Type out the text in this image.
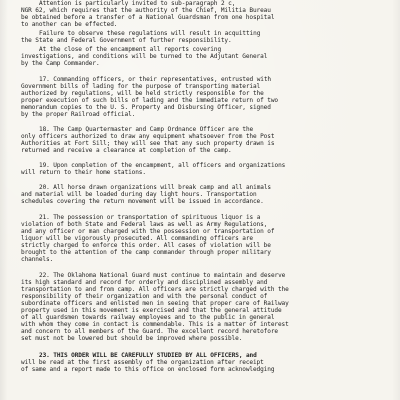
Attention is particularly invited to sub-paragraph 2 c,
NGR 62, which requires that the authority of the Chief, Militia Bureau
be obtained before a transfer of a National Guardsman from one hospital
to another can be effected.
Failure to observe these regulations will result in acquitting
the State and Federal Government of further responsibility.
At the close of the encampment all reports covering
investigations, and conditions will be turned to the Adjutant General
by the Camp Commander.
17. Commanding officers, or their representatives, entrusted with
Government bills of lading for the purpose of transporting material
authorized by regulations, will be held strictly responsible for the
proper execution of such bills of lading and the immediate return of two
memorandum copies to the U. S. Property and Disbursing Officer, signed
by the proper Railroad official.
18. The Camp Quartermaster and Camp Ordnance Officer are the
only officers authorized to draw any equipment whatsoever from the Post
Authorities at Fort Sill; they will see that any such property drawn is
returned and receive a clearance at completion of the camp.
19. Upon completion of the encampment, all officers and organizations
will return to their home stations.
20. All horse drawn organizations will break camp and all animals
and material will be loaded during day light hours. Transportation
schedules covering the return movement will be issued in accordance.
21. The possession or transportation of spirituous liquor is a
violation of both State and Federal laws as well as Army Regulations,
and any officer or man charged with the possession or transportation of
liquor will be vigorously prosecuted. All commanding officers are
strictly charged to enforce this order. All cases of violation will be
brought to the attention of the camp commander through proper military
channels.
22. The Oklahoma National Guard must continue to maintain and deserve
its high standard and record for orderly and disciplined assembly and
transportation to and from camp. All officers are strictly charged with the
responsibility of their organization and with the personal conduct of
subordinate officers and enlisted men in seeing that proper care of Railway
property used in this movement is exercised and that the general attitude
of all guardsmen towards railway employees and to the public in general
with whom they come in contact is commendable. This is a matter of interest
and concern to all members of the Guard. The excellent record heretofore
set must not be lowered but should be improved where possible.
23. THIS ORDER WILL BE CAREFULLY STUDIED BY ALL OFFICERS, and
will be read at the first assembly of the organization after receipt
of same and a report made to this office on enclosed form acknowledging
